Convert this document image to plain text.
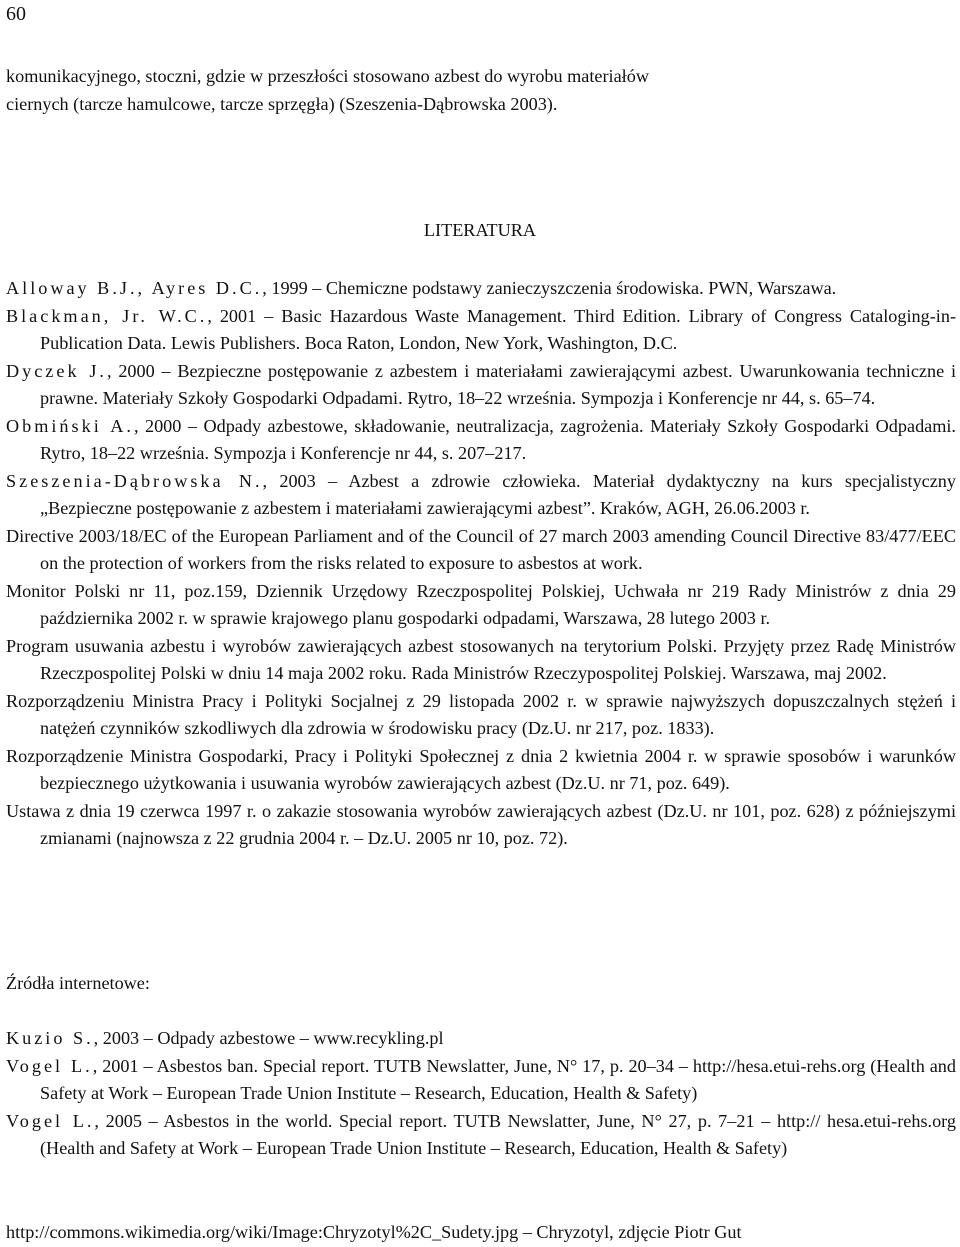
60

komunikacyjnego, stoczni, gdzie w przeszłości stosowano azbest do wyrobu materiałów

ciernych (tarcze hamulcowe, tarcze sprzęgła) (Szeszenia-Dąbrowska 2003).

LITERATURA

Alloway B.J., Ayres D.C., 1999 – Chemiczne podstawy zanieczyszczenia środowiska. PWN, Warszawa.

Blackman, Jr. W.C., 2001 – Basic Hazardous Waste Management. Third Edition. Library of Congress Cataloging-in-Publication Data. Lewis Publishers. Boca Raton, London, New York, Washington, D.C.

Dyczek J., 2000 – Bezpieczne postępowanie z azbestem i materiałami zawierającymi azbest. Uwarunkowania techniczne i prawne. Materiały Szkoły Gospodarki Odpadami. Rytro, 18–22 września. Sympozja i Konferencje nr 44, s. 65–74.

Obmiński A., 2000 – Odpady azbestowe, składowanie, neutralizacja, zagrożenia. Materiały Szkoły Gospodarki Odpadami. Rytro, 18–22 września. Sympozja i Konferencje nr 44, s. 207–217.

Szeszenia-Dąbrowska N., 2003 – Azbest a zdrowie człowieka. Materiał dydaktyczny na kurs specjalistyczny „Bezpieczne postępowanie z azbestem i materiałami zawierającymi azbest”. Kraków, AGH, 26.06.2003 r.

Directive 2003/18/EC of the European Parliament and of the Council of 27 march 2003 amending Council Directive 83/477/EEC on the protection of workers from the risks related to exposure to asbestos at work.

Monitor Polski nr 11, poz.159, Dziennik Urzędowy Rzeczpospolitej Polskiej, Uchwała nr 219 Rady Ministrów z dnia 29 października 2002 r. w sprawie krajowego planu gospodarki odpadami, Warszawa, 28 lutego 2003 r.

Program usuwania azbestu i wyrobów zawierających azbest stosowanych na terytorium Polski. Przyjęty przez Radę Ministrów Rzeczpospolitej Polski w dniu 14 maja 2002 roku. Rada Ministrów Rzeczypospolitej Polskiej. Warszawa, maj 2002.

Rozporządzeniu Ministra Pracy i Polityki Socjalnej z 29 listopada 2002 r. w sprawie najwyższych dopuszczalnych stężeń i natężeń czynników szkodliwych dla zdrowia w środowisku pracy (Dz.U. nr 217, poz. 1833).

Rozporządzenie Ministra Gospodarki, Pracy i Polityki Społecznej z dnia 2 kwietnia 2004 r. w sprawie sposobów i warunków bezpiecznego użytkowania i usuwania wyrobów zawierających azbest (Dz.U. nr 71, poz. 649).

Ustawa z dnia 19 czerwca 1997 r. o zakazie stosowania wyrobów zawierających azbest (Dz.U. nr 101, poz. 628) z późniejszymi zmianami (najnowsza z 22 grudnia 2004 r. – Dz.U. 2005 nr 10, poz. 72).

Źródła internetowe:

Kuzio S., 2003 – Odpady azbestowe – www.recykling.pl

Vogel L., 2001 – Asbestos ban. Special report. TUTB Newslatter, June, N° 17, p. 20–34 – http://hesa.etui-rehs.org (Health and Safety at Work – European Trade Union Institute – Research, Education, Health & Safety)

Vogel L., 2005 – Asbestos in the world. Special report. TUTB Newslatter, June, N° 27, p. 7–21 – http:// hesa.etui-rehs.org (Health and Safety at Work – European Trade Union Institute – Research, Education, Health & Safety)

http://commons.wikimedia.org/wiki/Image:Chryzotyl%2C_Sudety.jpg – Chryzotyl, zdjęcie Piotr Gut
